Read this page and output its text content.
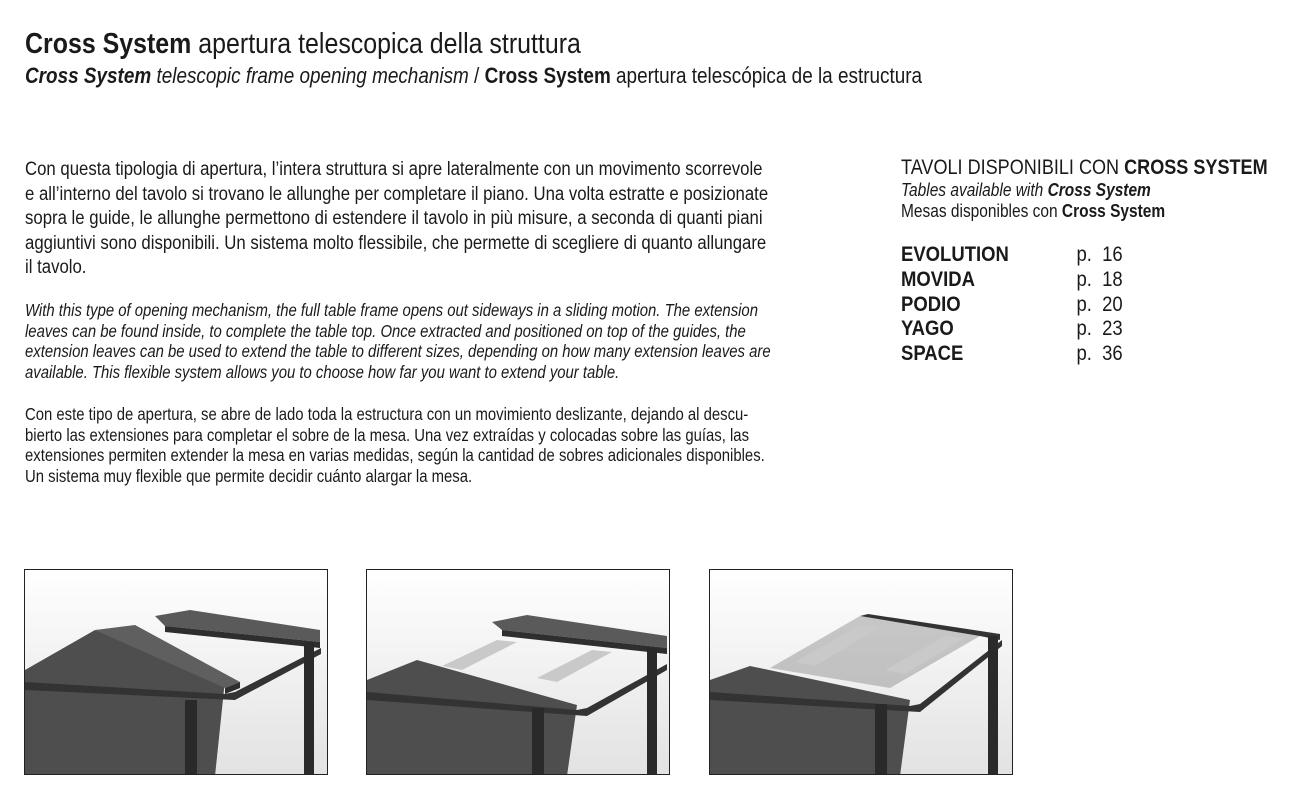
Cross System apertura telescopica della struttura
Cross System telescopic frame opening mechanism / Cross System apertura telescópica de la estructura
Con questa tipologia di apertura, l’intera struttura si apre lateralmente con un movimento scorrevole
e all’interno del tavolo si trovano le allunghe per completare il piano. Una volta estratte e posizionate
sopra le guide, le allunghe permettono di estendere il tavolo in più misure, a seconda di quanti piani
aggiuntivi sono disponibili. Un sistema molto flessibile, che permette di scegliere di quanto allungare
il tavolo.
With this type of opening mechanism, the full table frame opens out sideways in a sliding motion. The extension
leaves can be found inside, to complete the table top. Once extracted and positioned on top of the guides, the
extension leaves can be used to extend the table to different sizes, depending on how many extension leaves are
available. This flexible system allows you to choose how far you want to extend your table.
Con este tipo de apertura, se abre de lado toda la estructura con un movimiento deslizante, dejando al descu-
bierto las extensiones para completar el sobre de la mesa. Una vez extraídas y colocadas sobre las guías, las
extensiones permiten extender la mesa en varias medidas, según la cantidad de sobres adicionales disponibles.
Un sistema muy flexible que permite decidir cuánto alargar la mesa.
TAVOLI DISPONIBILI CON CROSS SYSTEM
Tables available with Cross System
Mesas disponibles con Cross System
EVOLUTION	p.  16
MOVIDA	p.  18
PODIO	p.  20
YAGO	p.  23
SPACE	p.  36
